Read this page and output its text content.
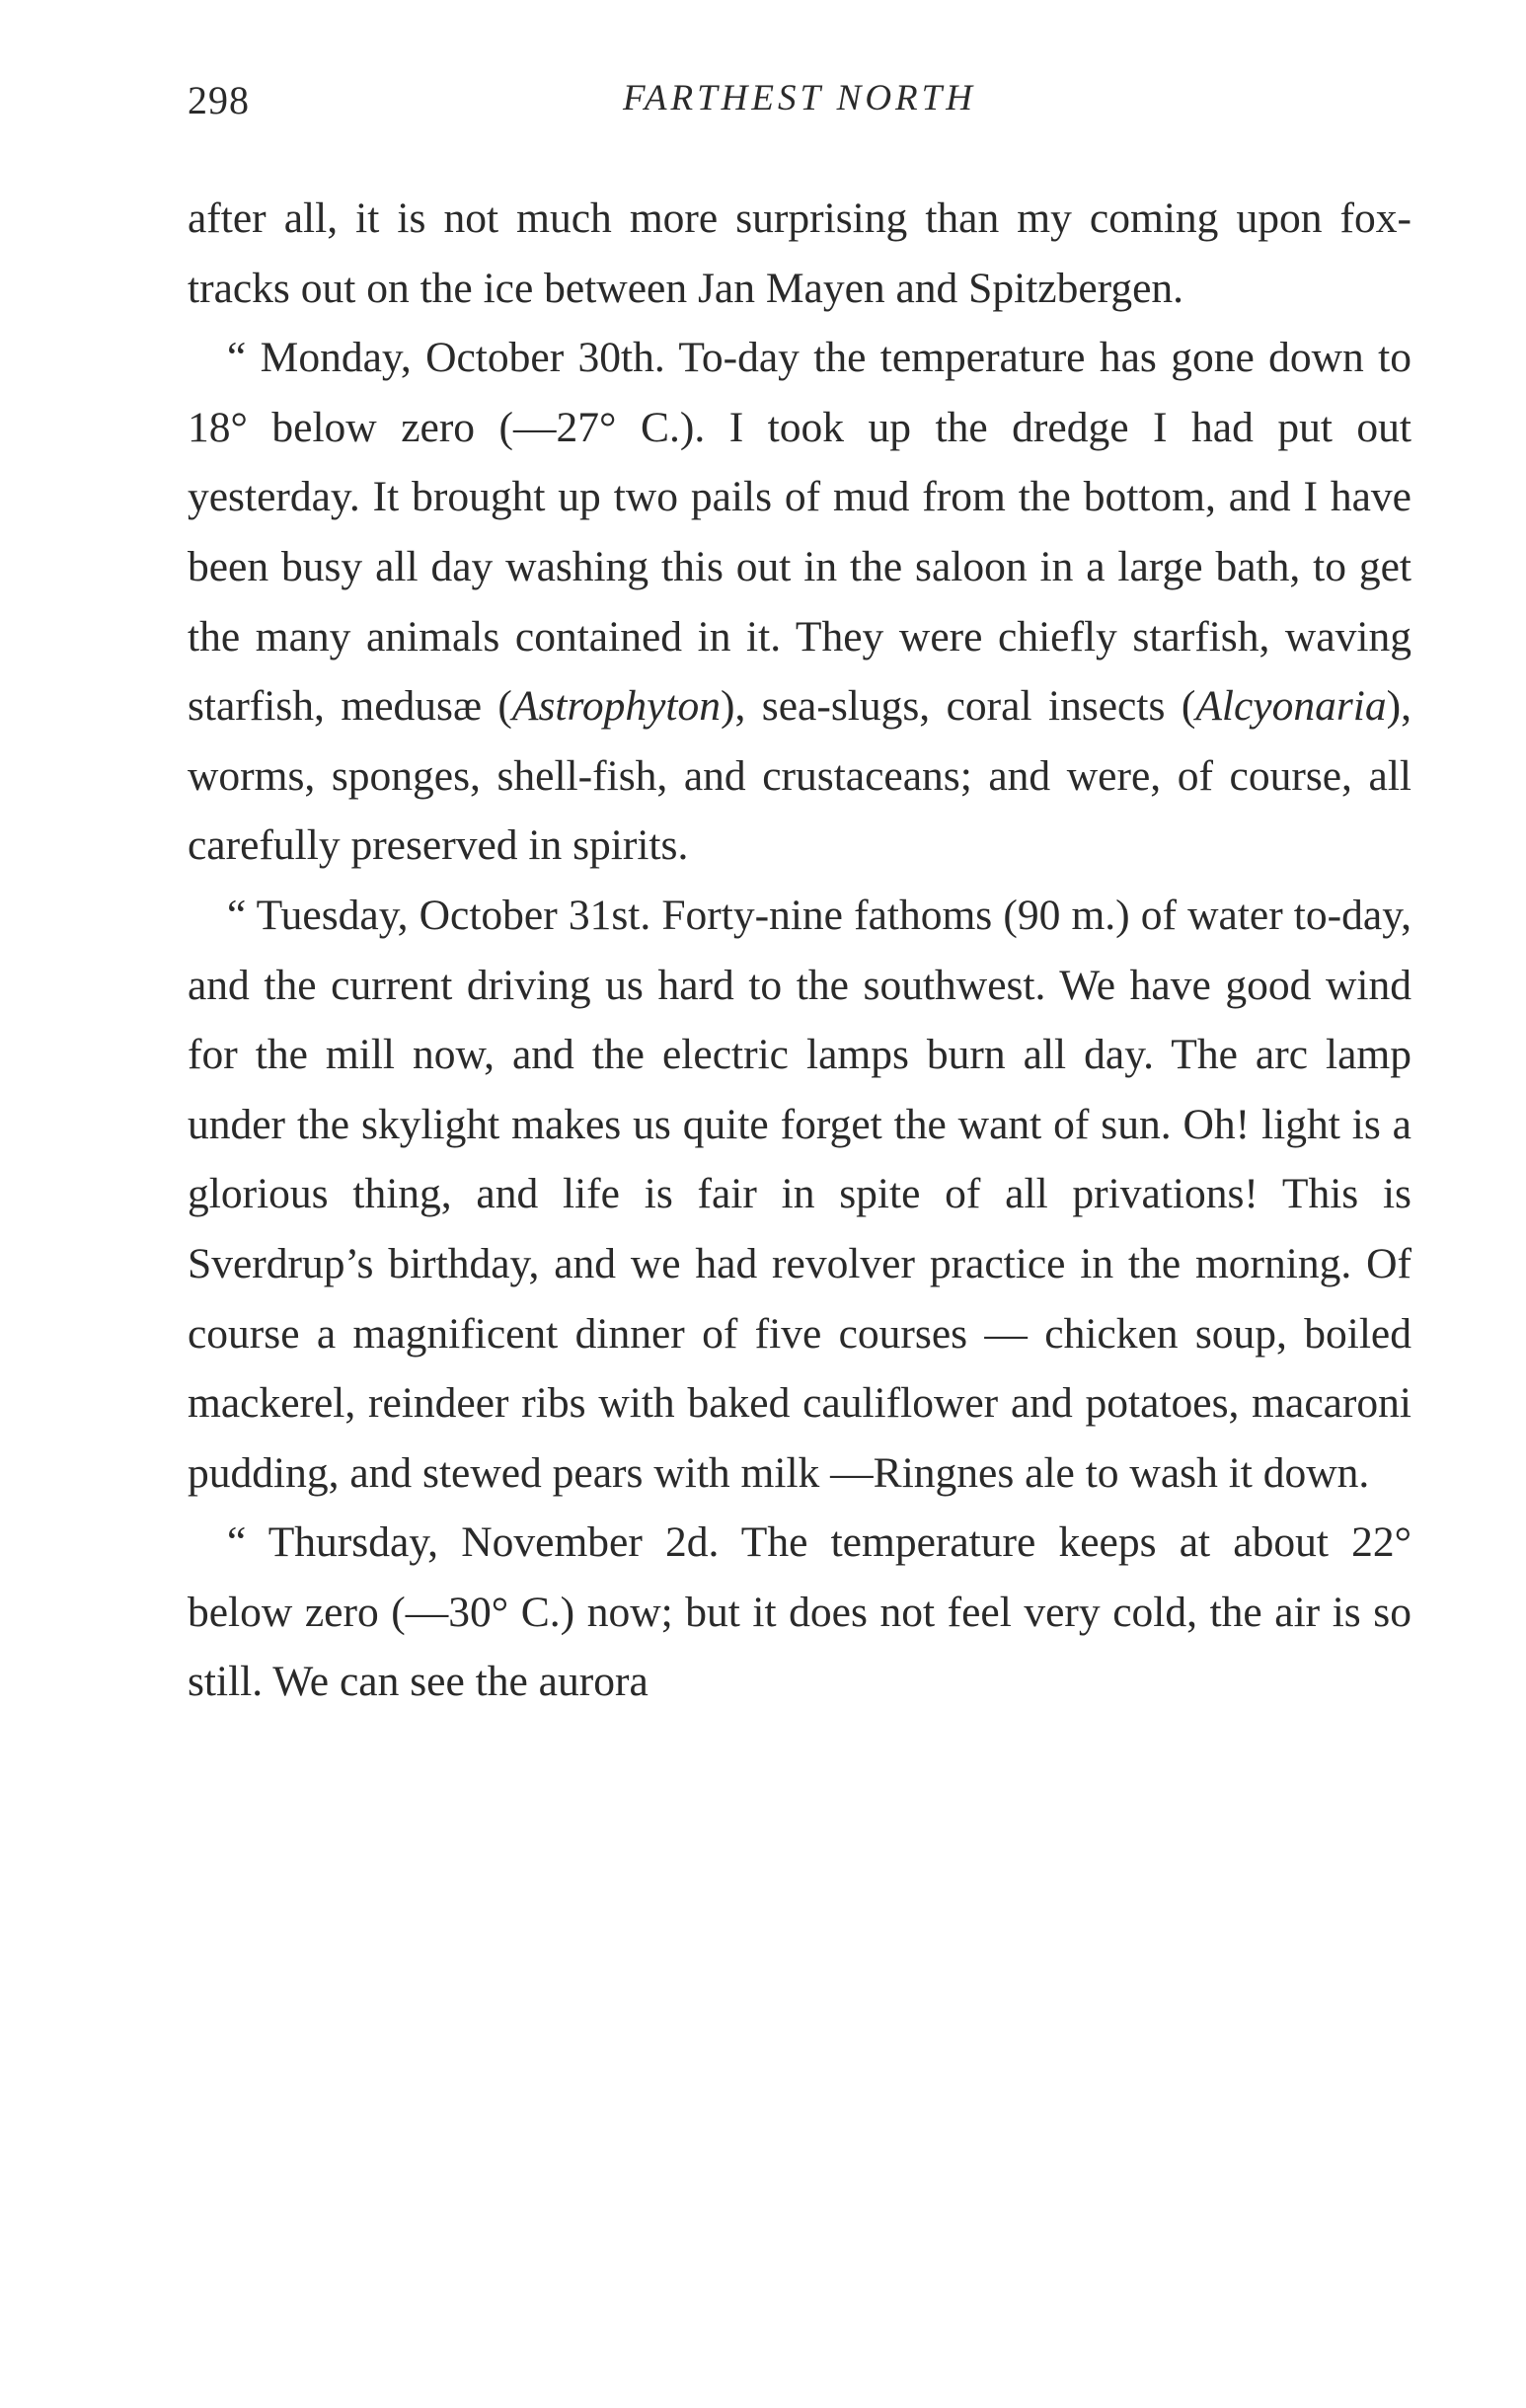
298	FARTHEST NORTH

after all, it is not much more surprising than my coming upon fox-tracks out on the ice between Jan Mayen and Spitzbergen.

“ Monday, October 30th. To-day the temperature has gone down to 18° below zero (—27° C.). I took up the dredge I had put out yesterday. It brought up two pails of mud from the bottom, and I have been busy all day washing this out in the saloon in a large bath, to get the many animals contained in it. They were chiefly starfish, waving starfish, medusæ (Astrophyton), sea-slugs, coral insects (Alcyonaria), worms, sponges, shell-fish, and crustaceans; and were, of course, all carefully preserved in spirits.

“ Tuesday, October 31st. Forty-nine fathoms (90 m.) of water to-day, and the current driving us hard to the southwest. We have good wind for the mill now, and the electric lamps burn all day. The arc lamp under the skylight makes us quite forget the want of sun. Oh! light is a glorious thing, and life is fair in spite of all privations! This is Sverdrup’s birthday, and we had revolver practice in the morning. Of course a magnificent dinner of five courses — chicken soup, boiled mackerel, reindeer ribs with baked cauliflower and potatoes, macaroni pudding, and stewed pears with milk —Ringnes ale to wash it down.

“ Thursday, November 2d. The temperature keeps at about 22° below zero (—30° C.) now; but it does not feel very cold, the air is so still. We can see the aurora
